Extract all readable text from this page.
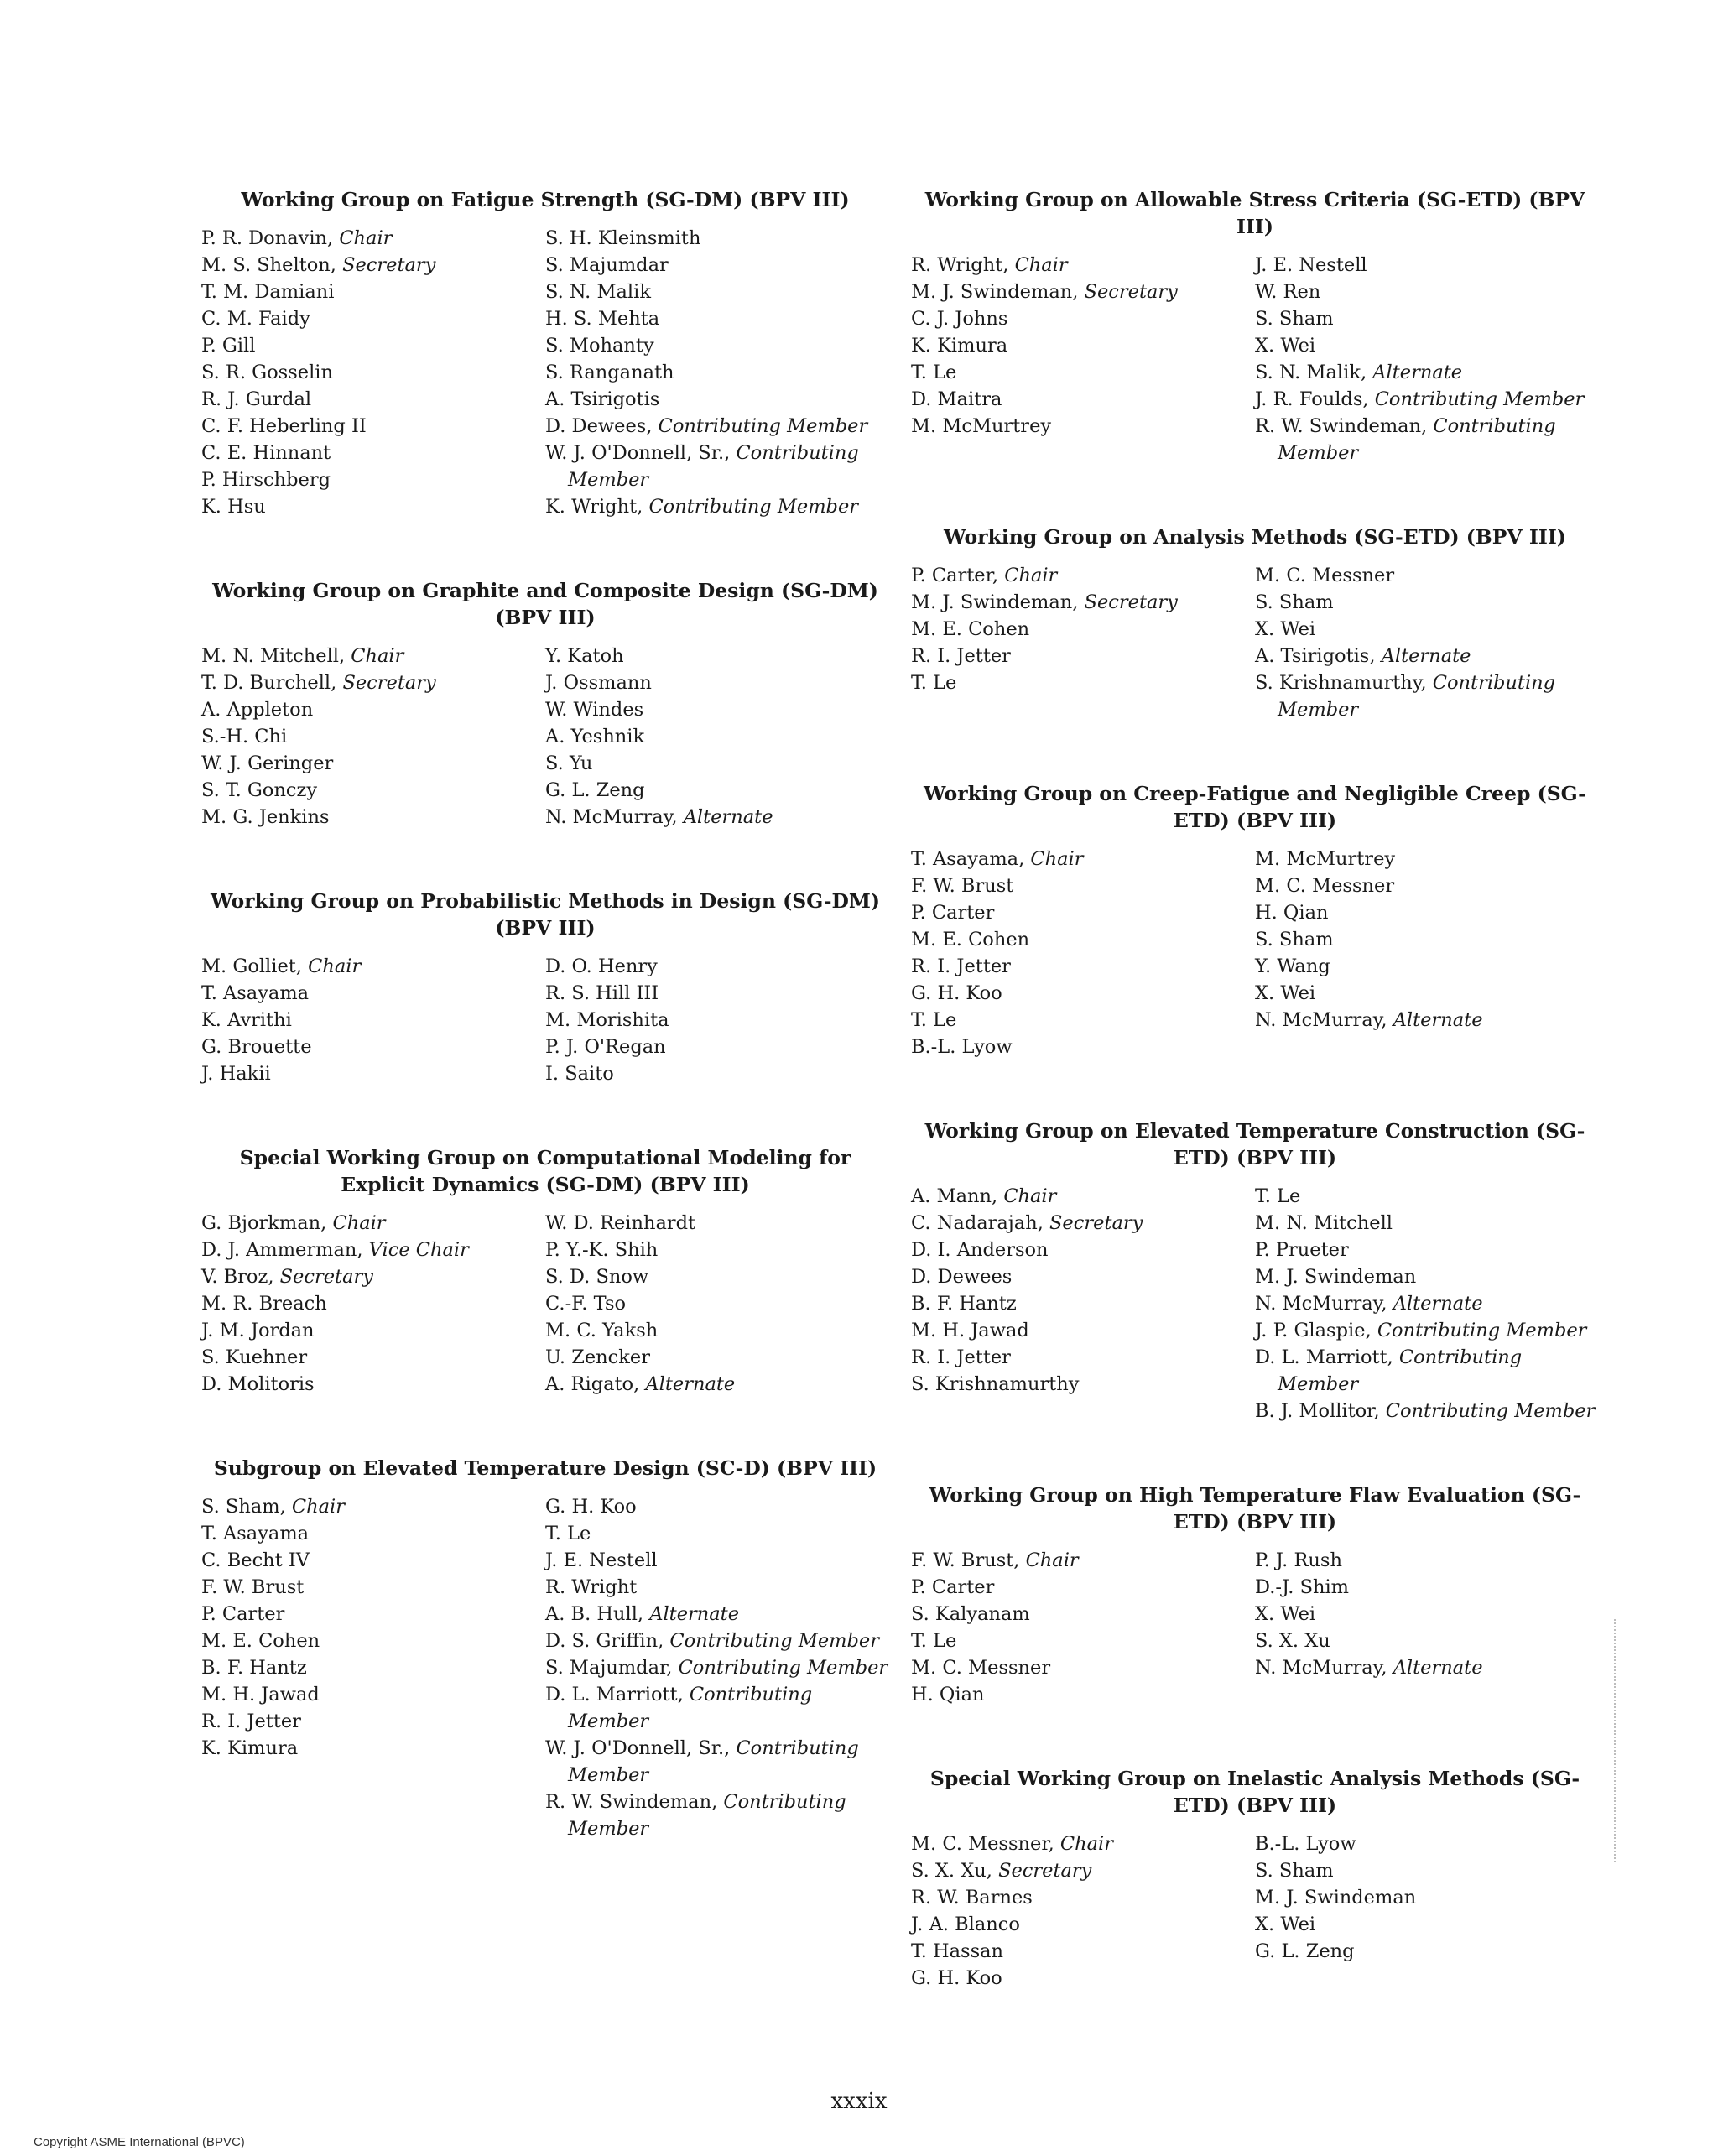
Working Group on Fatigue Strength (SG-DM) (BPV III)
P. R. Donavin, Chair
M. S. Shelton, Secretary
T. M. Damiani
C. M. Faidy
P. Gill
S. R. Gosselin
R. J. Gurdal
C. F. Heberling II
C. E. Hinnant
P. Hirschberg
K. Hsu
S. H. Kleinsmith
S. Majumdar
S. N. Malik
H. S. Mehta
S. Mohanty
S. Ranganath
A. Tsirigotis
D. Dewees, Contributing Member
W. J. O'Donnell, Sr., Contributing Member
K. Wright, Contributing Member
Working Group on Graphite and Composite Design (SG-DM) (BPV III)
M. N. Mitchell, Chair
T. D. Burchell, Secretary
A. Appleton
S.-H. Chi
W. J. Geringer
S. T. Gonczy
M. G. Jenkins
Y. Katoh
J. Ossmann
W. Windes
A. Yeshnik
S. Yu
G. L. Zeng
N. McMurray, Alternate
Working Group on Probabilistic Methods in Design (SG-DM) (BPV III)
M. Golliet, Chair
T. Asayama
K. Avrithi
G. Brouette
J. Hakii
D. O. Henry
R. S. Hill III
M. Morishita
P. J. O'Regan
I. Saito
Special Working Group on Computational Modeling for Explicit Dynamics (SG-DM) (BPV III)
G. Bjorkman, Chair
D. J. Ammerman, Vice Chair
V. Broz, Secretary
M. R. Breach
J. M. Jordan
S. Kuehner
D. Molitoris
W. D. Reinhardt
P. Y.-K. Shih
S. D. Snow
C.-F. Tso
M. C. Yaksh
U. Zencker
A. Rigato, Alternate
Subgroup on Elevated Temperature Design (SC-D) (BPV III)
S. Sham, Chair
T. Asayama
C. Becht IV
F. W. Brust
P. Carter
M. E. Cohen
B. F. Hantz
M. H. Jawad
R. I. Jetter
K. Kimura
G. H. Koo
T. Le
J. E. Nestell
R. Wright
A. B. Hull, Alternate
D. S. Griffin, Contributing Member
S. Majumdar, Contributing Member
D. L. Marriott, Contributing Member
W. J. O'Donnell, Sr., Contributing Member
R. W. Swindeman, Contributing Member
Working Group on Allowable Stress Criteria (SG-ETD) (BPV III)
R. Wright, Chair
M. J. Swindeman, Secretary
C. J. Johns
K. Kimura
T. Le
D. Maitra
M. McMurtrey
J. E. Nestell
W. Ren
S. Sham
X. Wei
S. N. Malik, Alternate
J. R. Foulds, Contributing Member
R. W. Swindeman, Contributing Member
Working Group on Analysis Methods (SG-ETD) (BPV III)
P. Carter, Chair
M. J. Swindeman, Secretary
M. E. Cohen
R. I. Jetter
T. Le
M. C. Messner
S. Sham
X. Wei
A. Tsirigotis, Alternate
S. Krishnamurthy, Contributing Member
Working Group on Creep-Fatigue and Negligible Creep (SG-ETD) (BPV III)
T. Asayama, Chair
F. W. Brust
P. Carter
M. E. Cohen
R. I. Jetter
G. H. Koo
T. Le
B.-L. Lyow
M. McMurtrey
M. C. Messner
H. Qian
S. Sham
Y. Wang
X. Wei
N. McMurray, Alternate
Working Group on Elevated Temperature Construction (SG-ETD) (BPV III)
A. Mann, Chair
C. Nadarajah, Secretary
D. I. Anderson
D. Dewees
B. F. Hantz
M. H. Jawad
R. I. Jetter
S. Krishnamurthy
T. Le
M. N. Mitchell
P. Prueter
M. J. Swindeman
N. McMurray, Alternate
J. P. Glaspie, Contributing Member
D. L. Marriott, Contributing Member
B. J. Mollitor, Contributing Member
Working Group on High Temperature Flaw Evaluation (SG-ETD) (BPV III)
F. W. Brust, Chair
P. Carter
S. Kalyanam
T. Le
M. C. Messner
H. Qian
P. J. Rush
D.-J. Shim
X. Wei
S. X. Xu
N. McMurray, Alternate
Special Working Group on Inelastic Analysis Methods (SG-ETD) (BPV III)
M. C. Messner, Chair
S. X. Xu, Secretary
R. W. Barnes
J. A. Blanco
T. Hassan
G. H. Koo
B.-L. Lyow
S. Sham
M. J. Swindeman
X. Wei
G. L. Zeng
xxxix
Copyright ASME International (BPVC)
